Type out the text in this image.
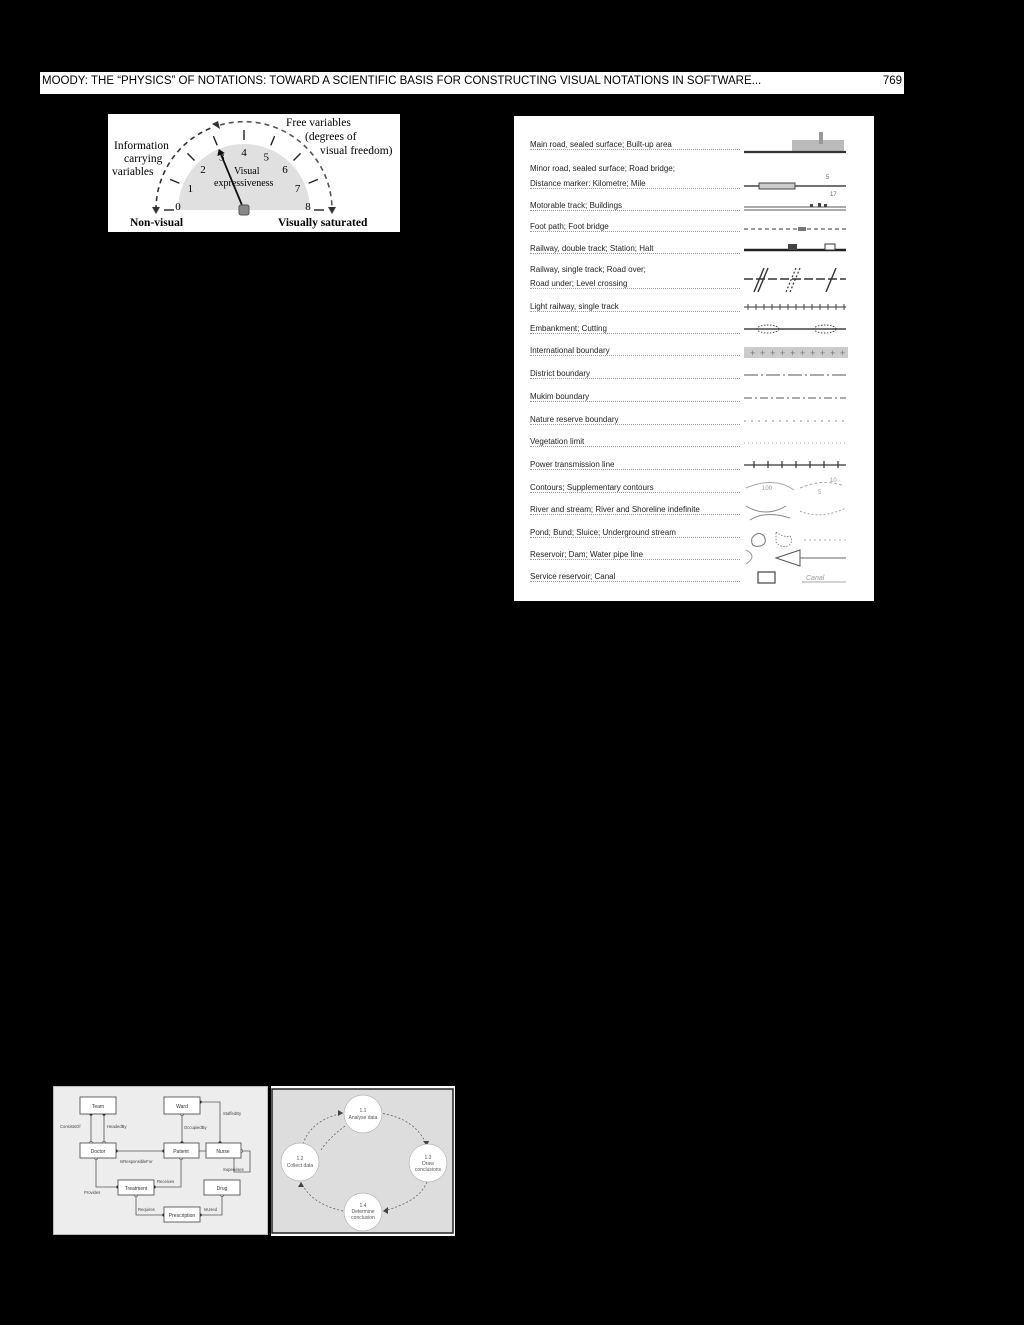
MOODY: THE “PHYSICS” OF NOTATIONS: TOWARD A SCIENTIFIC BASIS FOR CONSTRUCTING VISUAL NOTATIONS IN SOFTWARE...	769
Free variables
(degrees of
visual freedom)
Information
carrying
variables	Visual
expressiveness
Non-visual	Visually saturated
0
1
2
3 4 5
6
7
8
Main road, sealed surface; Built-up area
Minor road, sealed surface; Road bridge;
Distance marker: Kilometre; Mile
Motorable track; Buildings
Foot path; Foot bridge
Railway, double track; Station; Halt
Railway, single track; Road over;
Road under; Level crossing
Light railway, single track
Embankment; Cutting
International boundary
District boundary
Mukim boundary
Nature reserve boundary
Vegetation limit
Power transmission line
Contours; Supplementary contours
River and stream; River and Shoreline indefinite
Pond; Bund; Sluice; Underground stream
Reservoir; Dam; Water pipe line
Service reservoir; Canal
5
17
+ + + + + + + + + +
100
10
5
Canal
Team	Ward
Doctor	Patient	Nurse
Treatment	Drug
Prescription
ConsistsOf	HeadedBy
StaffedBy
OccupiedBy
IsResponsibleFor
Supervises
Receives
Provides
Requires	IsUsed
1.1
Analyse data
1.2
Collect data
1.3
Draw
conclusions
1.4
Determine
conclusion
